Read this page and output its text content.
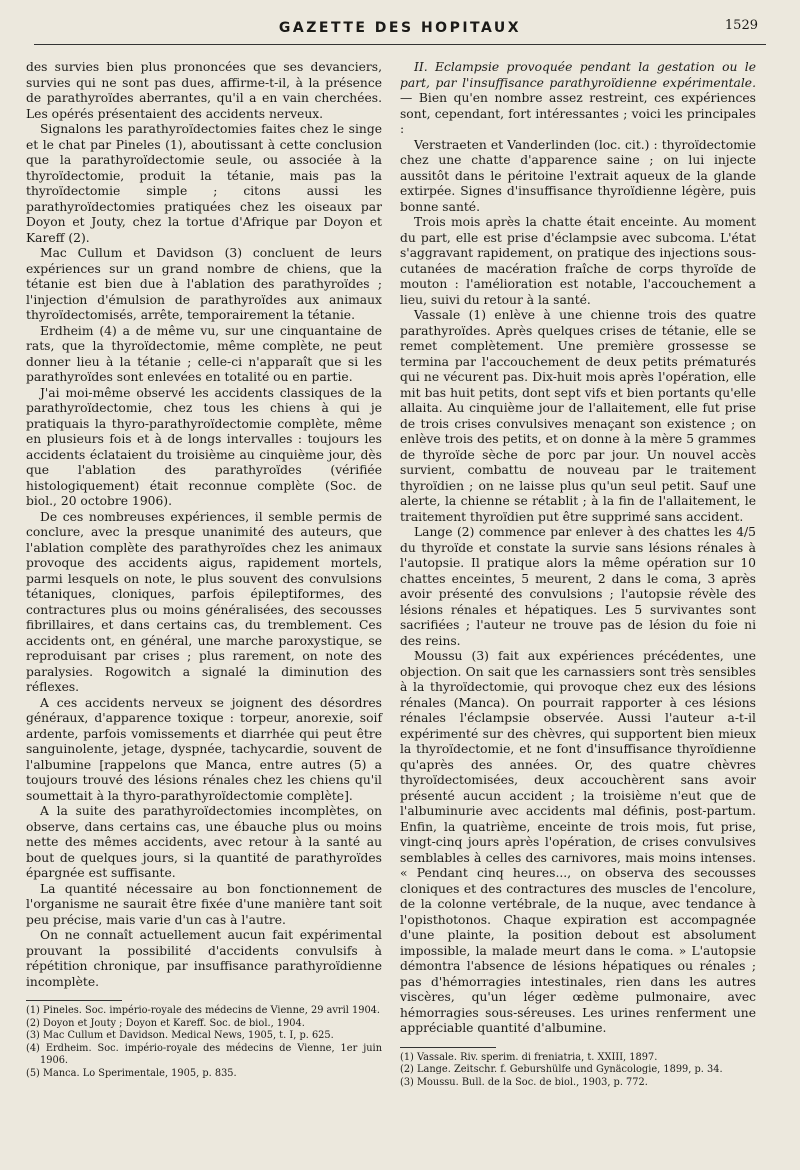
GAZETTE DES HOPITAUX	1529

des survies bien plus prononcées que ses devanciers, survies qui ne sont pas dues, affirme-t-il, à la présence de parathyroïdes aberrantes, qu'il a en vain cherchées. Les opérés présentaient des accidents nerveux.

Signalons les parathyroïdectomies faites chez le singe et le chat par Pineles (1), aboutissant à cette conclusion que la parathyroïdectomie seule, ou associée à la thyroïdectomie, produit la tétanie, mais pas la thyroïdectomie simple ; citons aussi les parathyroïdectomies pratiquées chez les oiseaux par Doyon et Jouty, chez la tortue d'Afrique par Doyon et Kareff (2).

Mac Cullum et Davidson (3) concluent de leurs expériences sur un grand nombre de chiens, que la tétanie est bien due à l'ablation des parathyroïdes ; l'injection d'émulsion de parathyroïdes aux animaux thyroïdectomisés, arrête, temporairement la tétanie.

Erdheim (4) a de même vu, sur une cinquantaine de rats, que la thyroïdectomie, même complète, ne peut donner lieu à la tétanie ; celle-ci n'apparaît que si les parathyroïdes sont enlevées en totalité ou en partie.

J'ai moi-même observé les accidents classiques de la parathyroïdectomie, chez tous les chiens à qui je pratiquais la thyro-parathyroïdectomie complète, même en plusieurs fois et à de longs intervalles : toujours les accidents éclataient du troisième au cinquième jour, dès que l'ablation des parathyroïdes (vérifiée histologiquement) était reconnue complète (Soc. de biol., 20 octobre 1906).

De ces nombreuses expériences, il semble permis de conclure, avec la presque unanimité des auteurs, que l'ablation complète des parathyroïdes chez les animaux provoque des accidents aigus, rapidement mortels, parmi lesquels on note, le plus souvent des convulsions tétaniques, cloniques, parfois épileptiformes, des contractures plus ou moins généralisées, des secousses fibrillaires, et dans certains cas, du tremblement. Ces accidents ont, en général, une marche paroxystique, se reproduisant par crises ; plus rarement, on note des paralysies. Rogowitch a signalé la diminution des réflexes.

A ces accidents nerveux se joignent des désordres généraux, d'apparence toxique : torpeur, anorexie, soif ardente, parfois vomissements et diarrhée qui peut être sanguinolente, jetage, dyspnée, tachycardie, souvent de l'albumine [rappelons que Manca, entre autres (5) a toujours trouvé des lésions rénales chez les chiens qu'il soumettait à la thyro-parathyroïdectomie complète].

A la suite des parathyroïdectomies incomplètes, on observe, dans certains cas, une ébauche plus ou moins nette des mêmes accidents, avec retour à la santé au bout de quelques jours, si la quantité de parathyroïdes épargnée est suffisante.

La quantité nécessaire au bon fonctionnement de l'organisme ne saurait être fixée d'une manière tant soit peu précise, mais varie d'un cas à l'autre.

On ne connaît actuellement aucun fait expérimental prouvant la possibilité d'accidents convulsifs à répétition chronique, par insuffisance parathyroïdienne incomplète.

(1) Pineles. Soc. império-royale des médecins de Vienne, 29 avril 1904.
(2) Doyon et Jouty ; Doyon et Kareff. Soc. de biol., 1904.
(3) Mac Cullum et Davidson. Medical News, 1905, t. I, p. 625.
(4) Erdheim. Soc. império-royale des médecins de Vienne, 1er juin 1906.
(5) Manca. Lo Sperimentale, 1905, p. 835.

II. Eclampsie provoquée pendant la gestation ou le part, par l'insuffisance parathyroïdienne expérimentale. — Bien qu'en nombre assez restreint, ces expériences sont, cependant, fort intéressantes ; voici les principales :

Verstraeten et Vanderlinden (loc. cit.) : thyroïdectomie chez une chatte d'apparence saine ; on lui injecte aussitôt dans le péritoine l'extrait aqueux de la glande extirpée. Signes d'insuffisance thyroïdienne légère, puis bonne santé.

Trois mois après la chatte était enceinte. Au moment du part, elle est prise d'éclampsie avec subcoma. L'état s'aggravant rapidement, on pratique des injections sous-cutanées de macération fraîche de corps thyroïde de mouton : l'amélioration est notable, l'accouchement a lieu, suivi du retour à la santé.

Vassale (1) enlève à une chienne trois des quatre parathyroïdes. Après quelques crises de tétanie, elle se remet complètement. Une première grossesse se termina par l'accouchement de deux petits prématurés qui ne vécurent pas. Dix-huit mois après l'opération, elle mit bas huit petits, dont sept vifs et bien portants qu'elle allaita. Au cinquième jour de l'allaitement, elle fut prise de trois crises convulsives menaçant son existence ; on enlève trois des petits, et on donne à la mère 5 grammes de thyroïde sèche de porc par jour. Un nouvel accès survient, combattu de nouveau par le traitement thyroïdien ; on ne laisse plus qu'un seul petit. Sauf une alerte, la chienne se rétablit ; à la fin de l'allaitement, le traitement thyroïdien put être supprimé sans accident.

Lange (2) commence par enlever à des chattes les 4/5 du thyroïde et constate la survie sans lésions rénales à l'autopsie. Il pratique alors la même opération sur 10 chattes enceintes, 5 meurent, 2 dans le coma, 3 après avoir présenté des convulsions ; l'autopsie révèle des lésions rénales et hépatiques. Les 5 survivantes sont sacrifiées ; l'auteur ne trouve pas de lésion du foie ni des reins.

Moussu (3) fait aux expériences précédentes, une objection. On sait que les carnassiers sont très sensibles à la thyroïdectomie, qui provoque chez eux des lésions rénales (Manca). On pourrait rapporter à ces lésions rénales l'éclampsie observée. Aussi l'auteur a-t-il expérimenté sur des chèvres, qui supportent bien mieux la thyroïdectomie, et ne font d'insuffisance thyroïdienne qu'après des années. Or, des quatre chèvres thyroïdectomisées, deux accouchèrent sans avoir présenté aucun accident ; la troisième n'eut que de l'albuminurie avec accidents mal définis, post-partum. Enfin, la quatrième, enceinte de trois mois, fut prise, vingt-cinq jours après l'opération, de crises convulsives semblables à celles des carnivores, mais moins intenses. « Pendant cinq heures..., on observa des secousses cloniques et des contractures des muscles de l'encolure, de la colonne vertébrale, de la nuque, avec tendance à l'opisthotonos. Chaque expiration est accompagnée d'une plainte, la position debout est absolument impossible, la malade meurt dans le coma. » L'autopsie démontra l'absence de lésions hépatiques ou rénales ; pas d'hémorragies intestinales, rien dans les autres viscères, qu'un léger œdème pulmonaire, avec hémorragies sous-séreuses. Les urines renferment une appréciable quantité d'albumine.

(1) Vassale. Riv. sperim. di freniatria, t. XXIII, 1897.
(2) Lange. Zeitschr. f. Geburshülfe und Gynäcologie, 1899, p. 34.
(3) Moussu. Bull. de la Soc. de biol., 1903, p. 772.
